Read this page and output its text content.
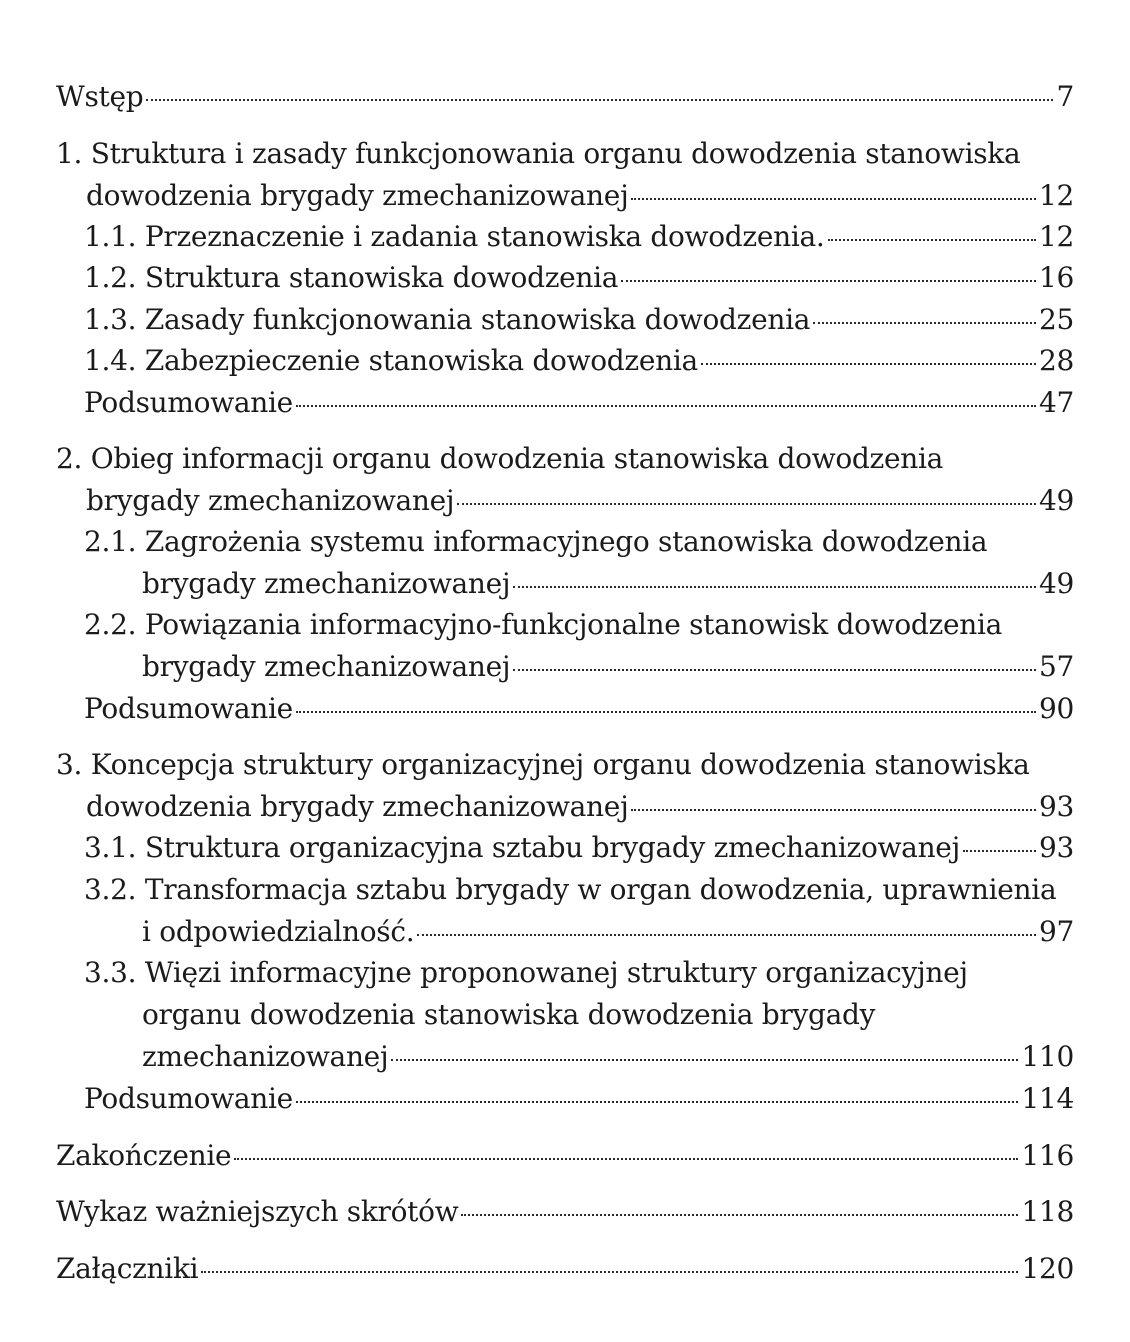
Wstęp	7
1. Struktura i zasady funkcjonowania organu dowodzenia stanowiska
dowodzenia brygady zmechanizowanej	12
1.1. Przeznaczenie i zadania stanowiska dowodzenia.	12
1.2. Struktura stanowiska dowodzenia	16
1.3. Zasady funkcjonowania stanowiska dowodzenia	25
1.4. Zabezpieczenie stanowiska dowodzenia	28
Podsumowanie	47
2. Obieg informacji organu dowodzenia stanowiska dowodzenia
brygady zmechanizowanej	49
2.1. Zagrożenia systemu informacyjnego stanowiska dowodzenia
brygady zmechanizowanej	49
2.2. Powiązania informacyjno-funkcjonalne stanowisk dowodzenia
brygady zmechanizowanej	57
Podsumowanie	90
3. Koncepcja struktury organizacyjnej organu dowodzenia stanowiska
dowodzenia brygady zmechanizowanej	93
3.1. Struktura organizacyjna sztabu brygady zmechanizowanej	93
3.2. Transformacja sztabu brygady w organ dowodzenia, uprawnienia
i odpowiedzialność.	97
3.3. Więzi informacyjne proponowanej struktury organizacyjnej
organu dowodzenia stanowiska dowodzenia brygady
zmechanizowanej	110
Podsumowanie	114
Zakończenie	116
Wykaz ważniejszych skrótów	118
Załączniki	120
